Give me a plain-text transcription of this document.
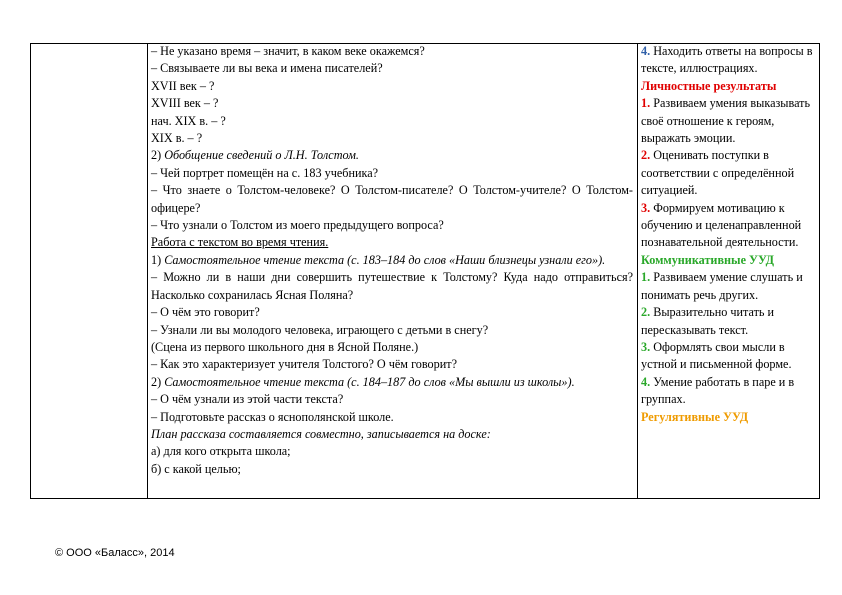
– Не указано время – значит, в каком веке окажемся?

– Связываете ли вы века и имена писателей?

XVII век – ?

XVIII век – ?

нач. XIX в. – ?

XIX в. – ?

2) Обобщение сведений о Л.Н. Толстом.

– Чей портрет помещён на с. 183 учебника?

– Что знаете о Толстом-человеке? О Толстом-писателе? О Толстом-учителе? О Толстом-офицере?

– Что узнали о Толстом из моего предыдущего вопроса?

Работа с текстом во время чтения.

1) Самостоятельное чтение текста (с. 183–184 до слов «Наши близнецы узнали его»).

– Можно ли в наши дни совершить путешествие к Толстому? Куда надо отправиться? Насколько сохранилась Ясная Поляна?

– О чём это говорит?

– Узнали ли вы молодого человека, играющего с детьми в снегу?

(Сцена из первого школьного дня в Ясной Поляне.)

– Как это характеризует учителя Толстого? О чём говорит?

2) Самостоятельное чтение текста (с. 184–187 до слов «Мы вышли из школы»).

– О чём узнали из этой части текста?

– Подготовьте рассказ о яснополянской школе.

План рассказа составляется совместно, записывается на доске:

а) для кого открыта школа;

б) с какой целью;

4. Находить ответы на вопросы в тексте, иллюстрациях.

Личностные результаты

1. Развиваем умения выказывать своё отношение к героям, выражать эмоции.

2. Оценивать поступки в соответствии с определённой ситуацией.

3. Формируем мотивацию к обучению и целенаправленной познавательной деятельности.

Коммуникативные УУД

1. Развиваем умение слушать и понимать речь других.

2. Выразительно читать и пересказывать текст.

3. Оформлять свои мысли в устной и письменной форме.

4. Умение работать в паре и в группах.

Регулятивные УУД

© ООО «Баласс», 2014
